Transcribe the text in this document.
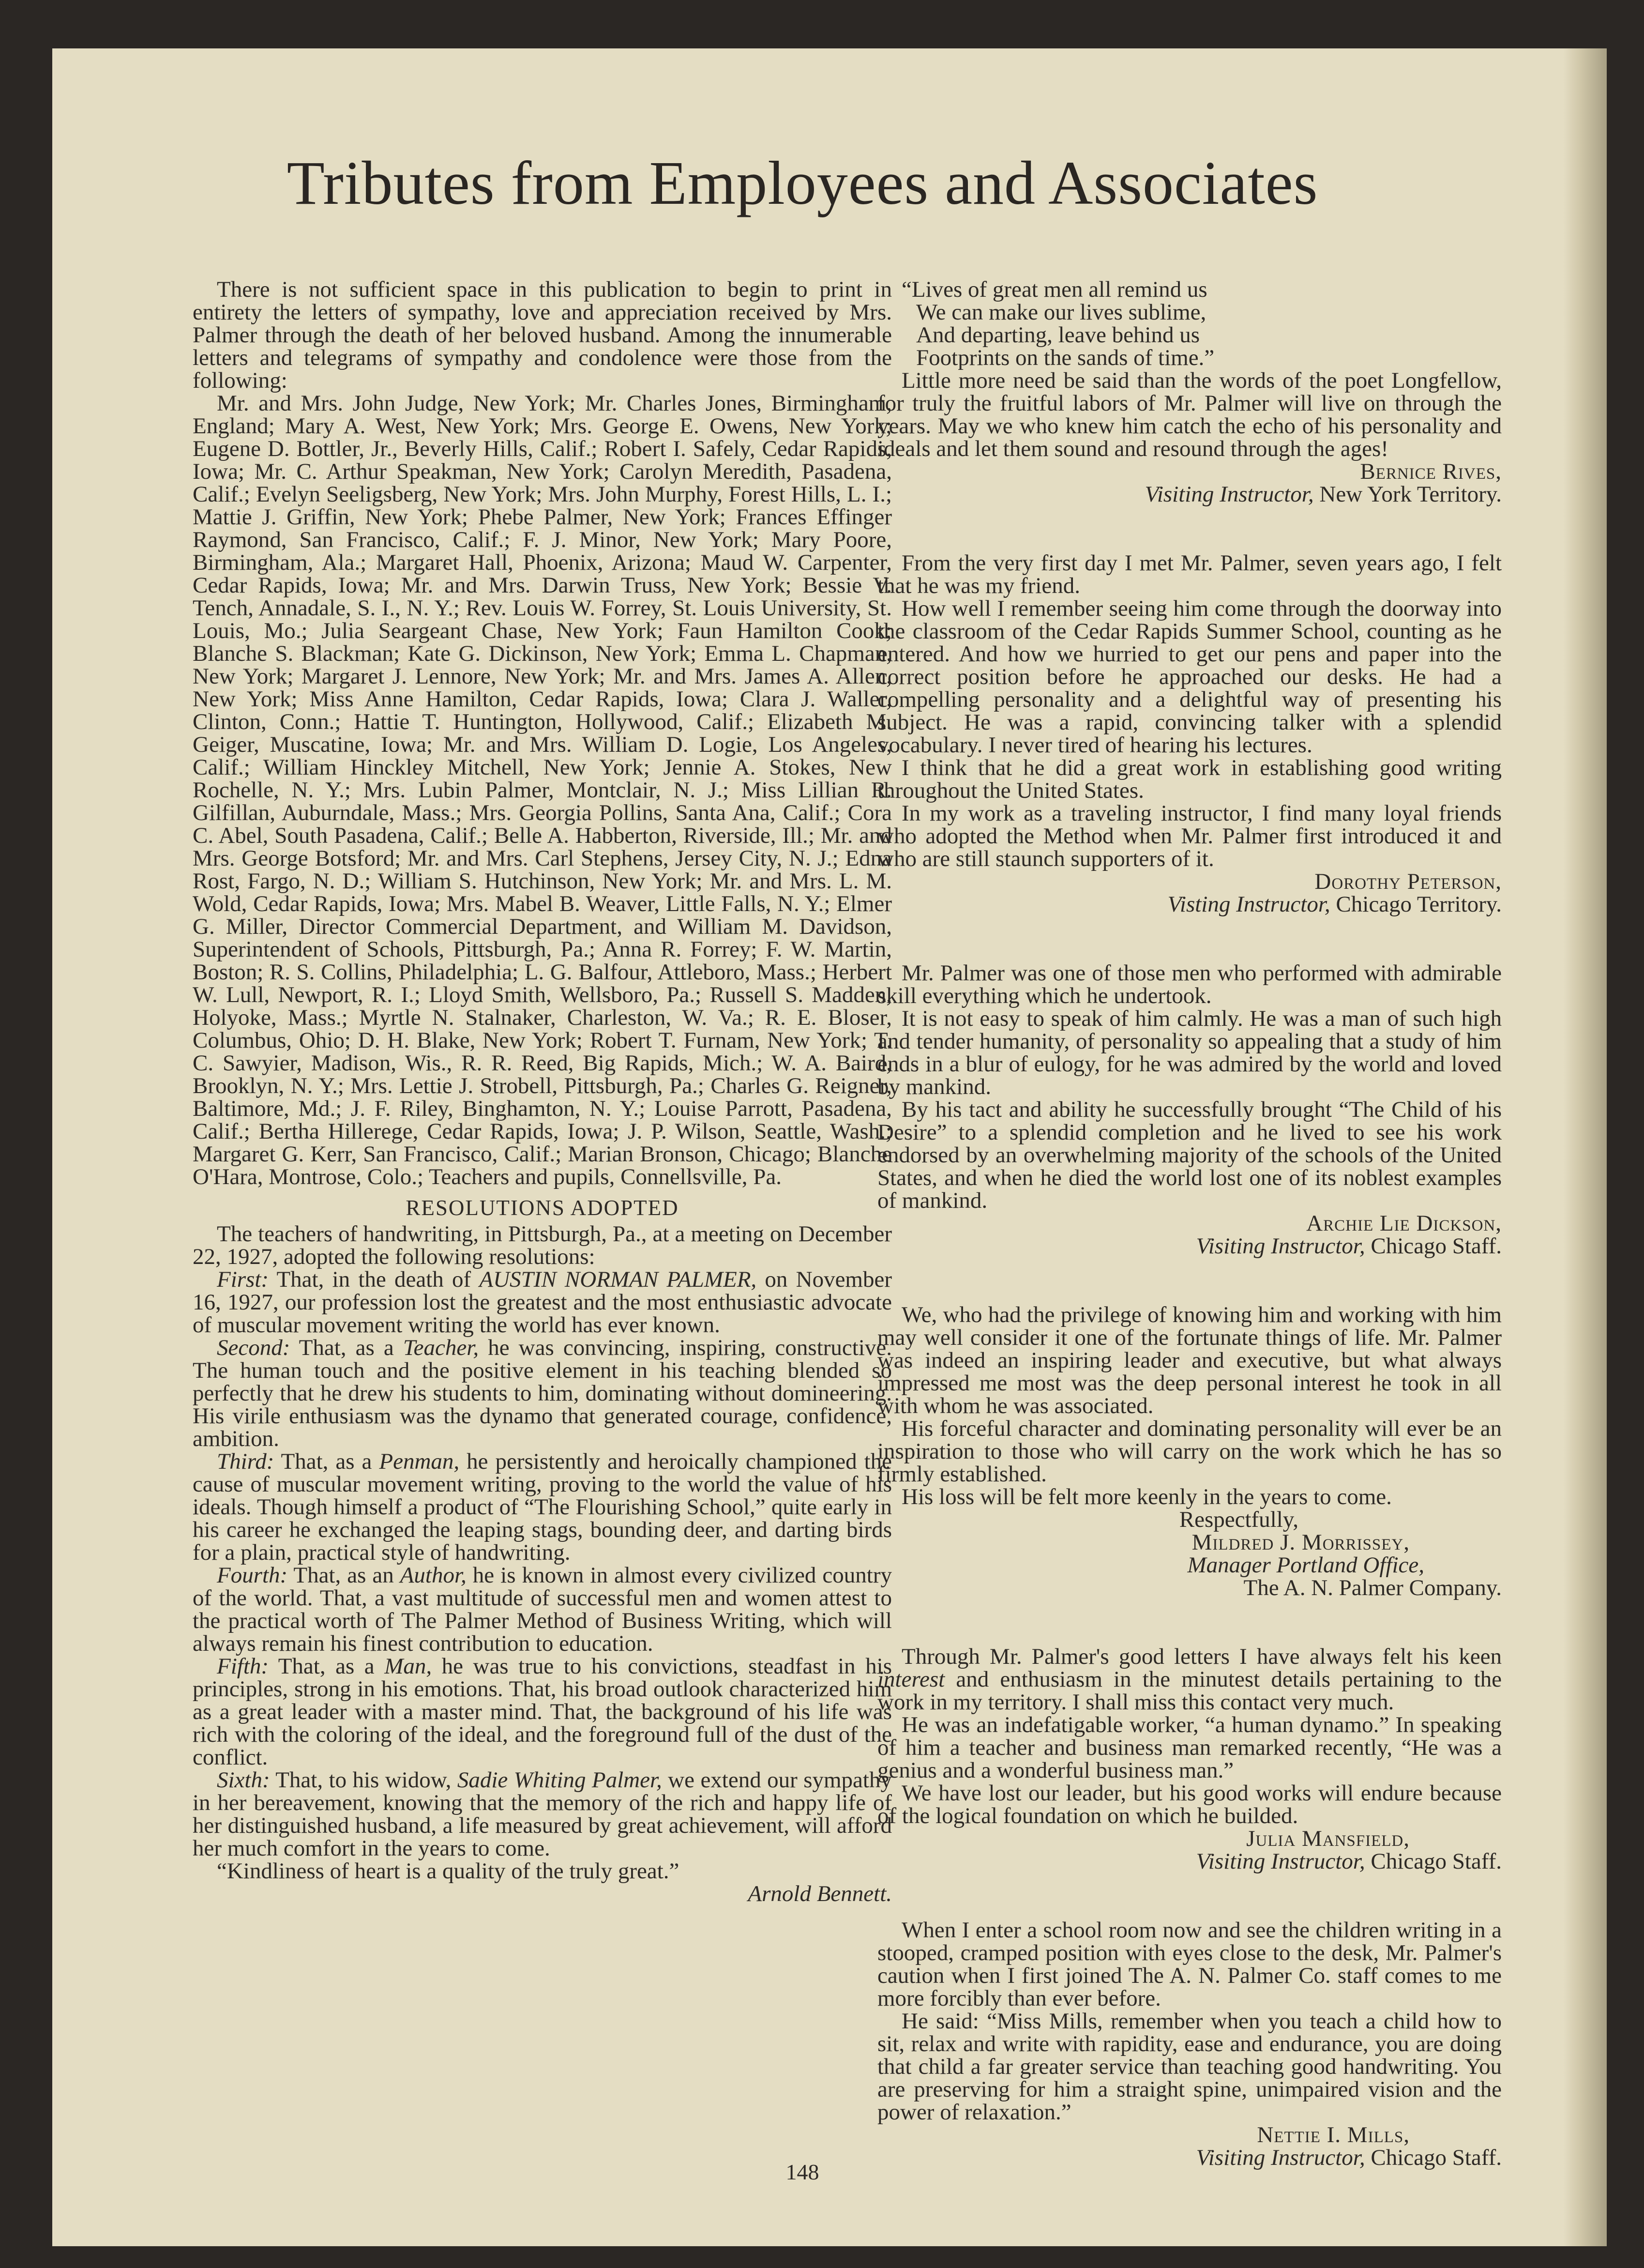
Tributes from Employees and Associates

There is not sufficient space in this publication to begin to print in entirety the letters of sympathy, love and appreciation received by Mrs. Palmer through the death of her beloved husband. Among the innumerable letters and telegrams of sympathy and condolence were those from the following:

Mr. and Mrs. John Judge, New York; Mr. Charles Jones, Birmingham, England; Mary A. West, New York; Mrs. George E. Owens, New York; Eugene D. Bottler, Jr., Beverly Hills, Calif.; Robert I. Safely, Cedar Rapids, Iowa; Mr. C. Arthur Speakman, New York; Carolyn Meredith, Pasadena, Calif.; Evelyn Seeligsberg, New York; Mrs. John Murphy, Forest Hills, L. I.; Mattie J. Griffin, New York; Phebe Palmer, New York; Frances Effinger Raymond, San Francisco, Calif.; F. J. Minor, New York; Mary Poore, Birmingham, Ala.; Margaret Hall, Phoenix, Arizona; Maud W. Carpenter, Cedar Rapids, Iowa; Mr. and Mrs. Darwin Truss, New York; Bessie V. Tench, Annadale, S. I., N. Y.; Rev. Louis W. Forrey, St. Louis University, St. Louis, Mo.; Julia Seargeant Chase, New York; Faun Hamilton Cook; Blanche S. Blackman; Kate G. Dickinson, New York; Emma L. Chapman, New York; Margaret J. Lennore, New York; Mr. and Mrs. James A. Allen, New York; Miss Anne Hamilton, Cedar Rapids, Iowa; Clara J. Waller, Clinton, Conn.; Hattie T. Huntington, Hollywood, Calif.; Elizabeth M. Geiger, Muscatine, Iowa; Mr. and Mrs. William D. Logie, Los Angeles, Calif.; William Hinckley Mitchell, New York; Jennie A. Stokes, New Rochelle, N. Y.; Mrs. Lubin Palmer, Montclair, N. J.; Miss Lillian R. Gilfillan, Auburndale, Mass.; Mrs. Georgia Pollins, Santa Ana, Calif.; Cora C. Abel, South Pasadena, Calif.; Belle A. Habberton, Riverside, Ill.; Mr. and Mrs. George Botsford; Mr. and Mrs. Carl Stephens, Jersey City, N. J.; Edna Rost, Fargo, N. D.; William S. Hutchinson, New York; Mr. and Mrs. L. M. Wold, Cedar Rapids, Iowa; Mrs. Mabel B. Weaver, Little Falls, N. Y.; Elmer G. Miller, Director Commercial Department, and William M. Davidson, Superintendent of Schools, Pittsburgh, Pa.; Anna R. Forrey; F. W. Martin, Boston; R. S. Collins, Philadelphia; L. G. Balfour, Attleboro, Mass.; Herbert W. Lull, Newport, R. I.; Lloyd Smith, Wellsboro, Pa.; Russell S. Madden, Holyoke, Mass.; Myrtle N. Stalnaker, Charleston, W. Va.; R. E. Bloser, Columbus, Ohio; D. H. Blake, New York; Robert T. Furnam, New York; T. C. Sawyier, Madison, Wis., R. R. Reed, Big Rapids, Mich.; W. A. Baird, Brooklyn, N. Y.; Mrs. Lettie J. Strobell, Pittsburgh, Pa.; Charles G. Reigner, Baltimore, Md.; J. F. Riley, Binghamton, N. Y.; Louise Parrott, Pasadena, Calif.; Bertha Hillerege, Cedar Rapids, Iowa; J. P. Wilson, Seattle, Wash.; Margaret G. Kerr, San Francisco, Calif.; Marian Bronson, Chicago; Blanche O'Hara, Montrose, Colo.; Teachers and pupils, Connellsville, Pa.

RESOLUTIONS ADOPTED

The teachers of handwriting, in Pittsburgh, Pa., at a meeting on December 22, 1927, adopted the following resolutions:

First: That, in the death of AUSTIN NORMAN PALMER, on November 16, 1927, our profession lost the greatest and the most enthusiastic advocate of muscular movement writing the world has ever known.

Second: That, as a Teacher, he was convincing, inspiring, constructive. The human touch and the positive element in his teaching blended so perfectly that he drew his students to him, dominating without domineering. His virile enthusiasm was the dynamo that generated courage, confidence, ambition.

Third: That, as a Penman, he persistently and heroically championed the cause of muscular movement writing, proving to the world the value of his ideals. Though himself a product of “The Flourishing School,” quite early in his career he exchanged the leaping stags, bounding deer, and darting birds for a plain, practical style of handwriting.

Fourth: That, as an Author, he is known in almost every civilized country of the world. That, a vast multitude of successful men and women attest to the practical worth of The Palmer Method of Business Writing, which will always remain his finest contribution to education.

Fifth: That, as a Man, he was true to his convictions, steadfast in his principles, strong in his emotions. That, his broad outlook characterized him as a great leader with a master mind. That, the background of his life was rich with the coloring of the ideal, and the foreground full of the dust of the conflict.

Sixth: That, to his widow, Sadie Whiting Palmer, we extend our sympathy in her bereavement, knowing that the memory of the rich and happy life of her distinguished husband, a life measured by great achievement, will afford her much comfort in the years to come.

“Kindliness of heart is a quality of the truly great.”

Arnold Bennett.

“Lives of great men all remind us
We can make our lives sublime,
And departing, leave behind us
Footprints on the sands of time.”

Little more need be said than the words of the poet Longfellow, for truly the fruitful labors of Mr. Palmer will live on through the years. May we who knew him catch the echo of his personality and ideals and let them sound and resound through the ages!

Bernice Rives,

Visiting Instructor, New York Territory.

From the very first day I met Mr. Palmer, seven years ago, I felt that he was my friend.

How well I remember seeing him come through the doorway into the classroom of the Cedar Rapids Summer School, counting as he entered. And how we hurried to get our pens and paper into the correct position before he approached our desks. He had a compelling personality and a delightful way of presenting his subject. He was a rapid, convincing talker with a splendid vocabulary. I never tired of hearing his lectures.

I think that he did a great work in establishing good writing throughout the United States.

In my work as a traveling instructor, I find many loyal friends who adopted the Method when Mr. Palmer first introduced it and who are still staunch supporters of it.

Dorothy Peterson,

Visting Instructor, Chicago Territory.

Mr. Palmer was one of those men who performed with admirable skill everything which he undertook.

It is not easy to speak of him calmly. He was a man of such high and tender humanity, of personality so appealing that a study of him ends in a blur of eulogy, for he was admired by the world and loved by mankind.

By his tact and ability he successfully brought “The Child of his Desire” to a splendid completion and he lived to see his work endorsed by an overwhelming majority of the schools of the United States, and when he died the world lost one of its noblest examples of mankind.

Archie Lie Dickson,

Visiting Instructor, Chicago Staff.

We, who had the privilege of knowing him and working with him may well consider it one of the fortunate things of life. Mr. Palmer was indeed an inspiring leader and executive, but what always impressed me most was the deep personal interest he took in all with whom he was associated.

His forceful character and dominating personality will ever be an inspiration to those who will carry on the work which he has so firmly established.

His loss will be felt more keenly in the years to come.

Respectfully,

Mildred J. Morrissey,

Manager Portland Office,

The A. N. Palmer Company.

Through Mr. Palmer's good letters I have always felt his keen interest and enthusiasm in the minutest details pertaining to the work in my territory. I shall miss this contact very much.

He was an indefatigable worker, “a human dynamo.” In speaking of him a teacher and business man remarked recently, “He was a genius and a wonderful business man.”

We have lost our leader, but his good works will endure because of the logical foundation on which he builded.

Julia Mansfield,

Visiting Instructor, Chicago Staff.

When I enter a school room now and see the children writing in a stooped, cramped position with eyes close to the desk, Mr. Palmer's caution when I first joined The A. N. Palmer Co. staff comes to me more forcibly than ever before.

He said: “Miss Mills, remember when you teach a child how to sit, relax and write with rapidity, ease and endurance, you are doing that child a far greater service than teaching good handwriting. You are preserving for him a straight spine, unimpaired vision and the power of relaxation.”

Nettie I. Mills,

Visiting Instructor, Chicago Staff.

148
